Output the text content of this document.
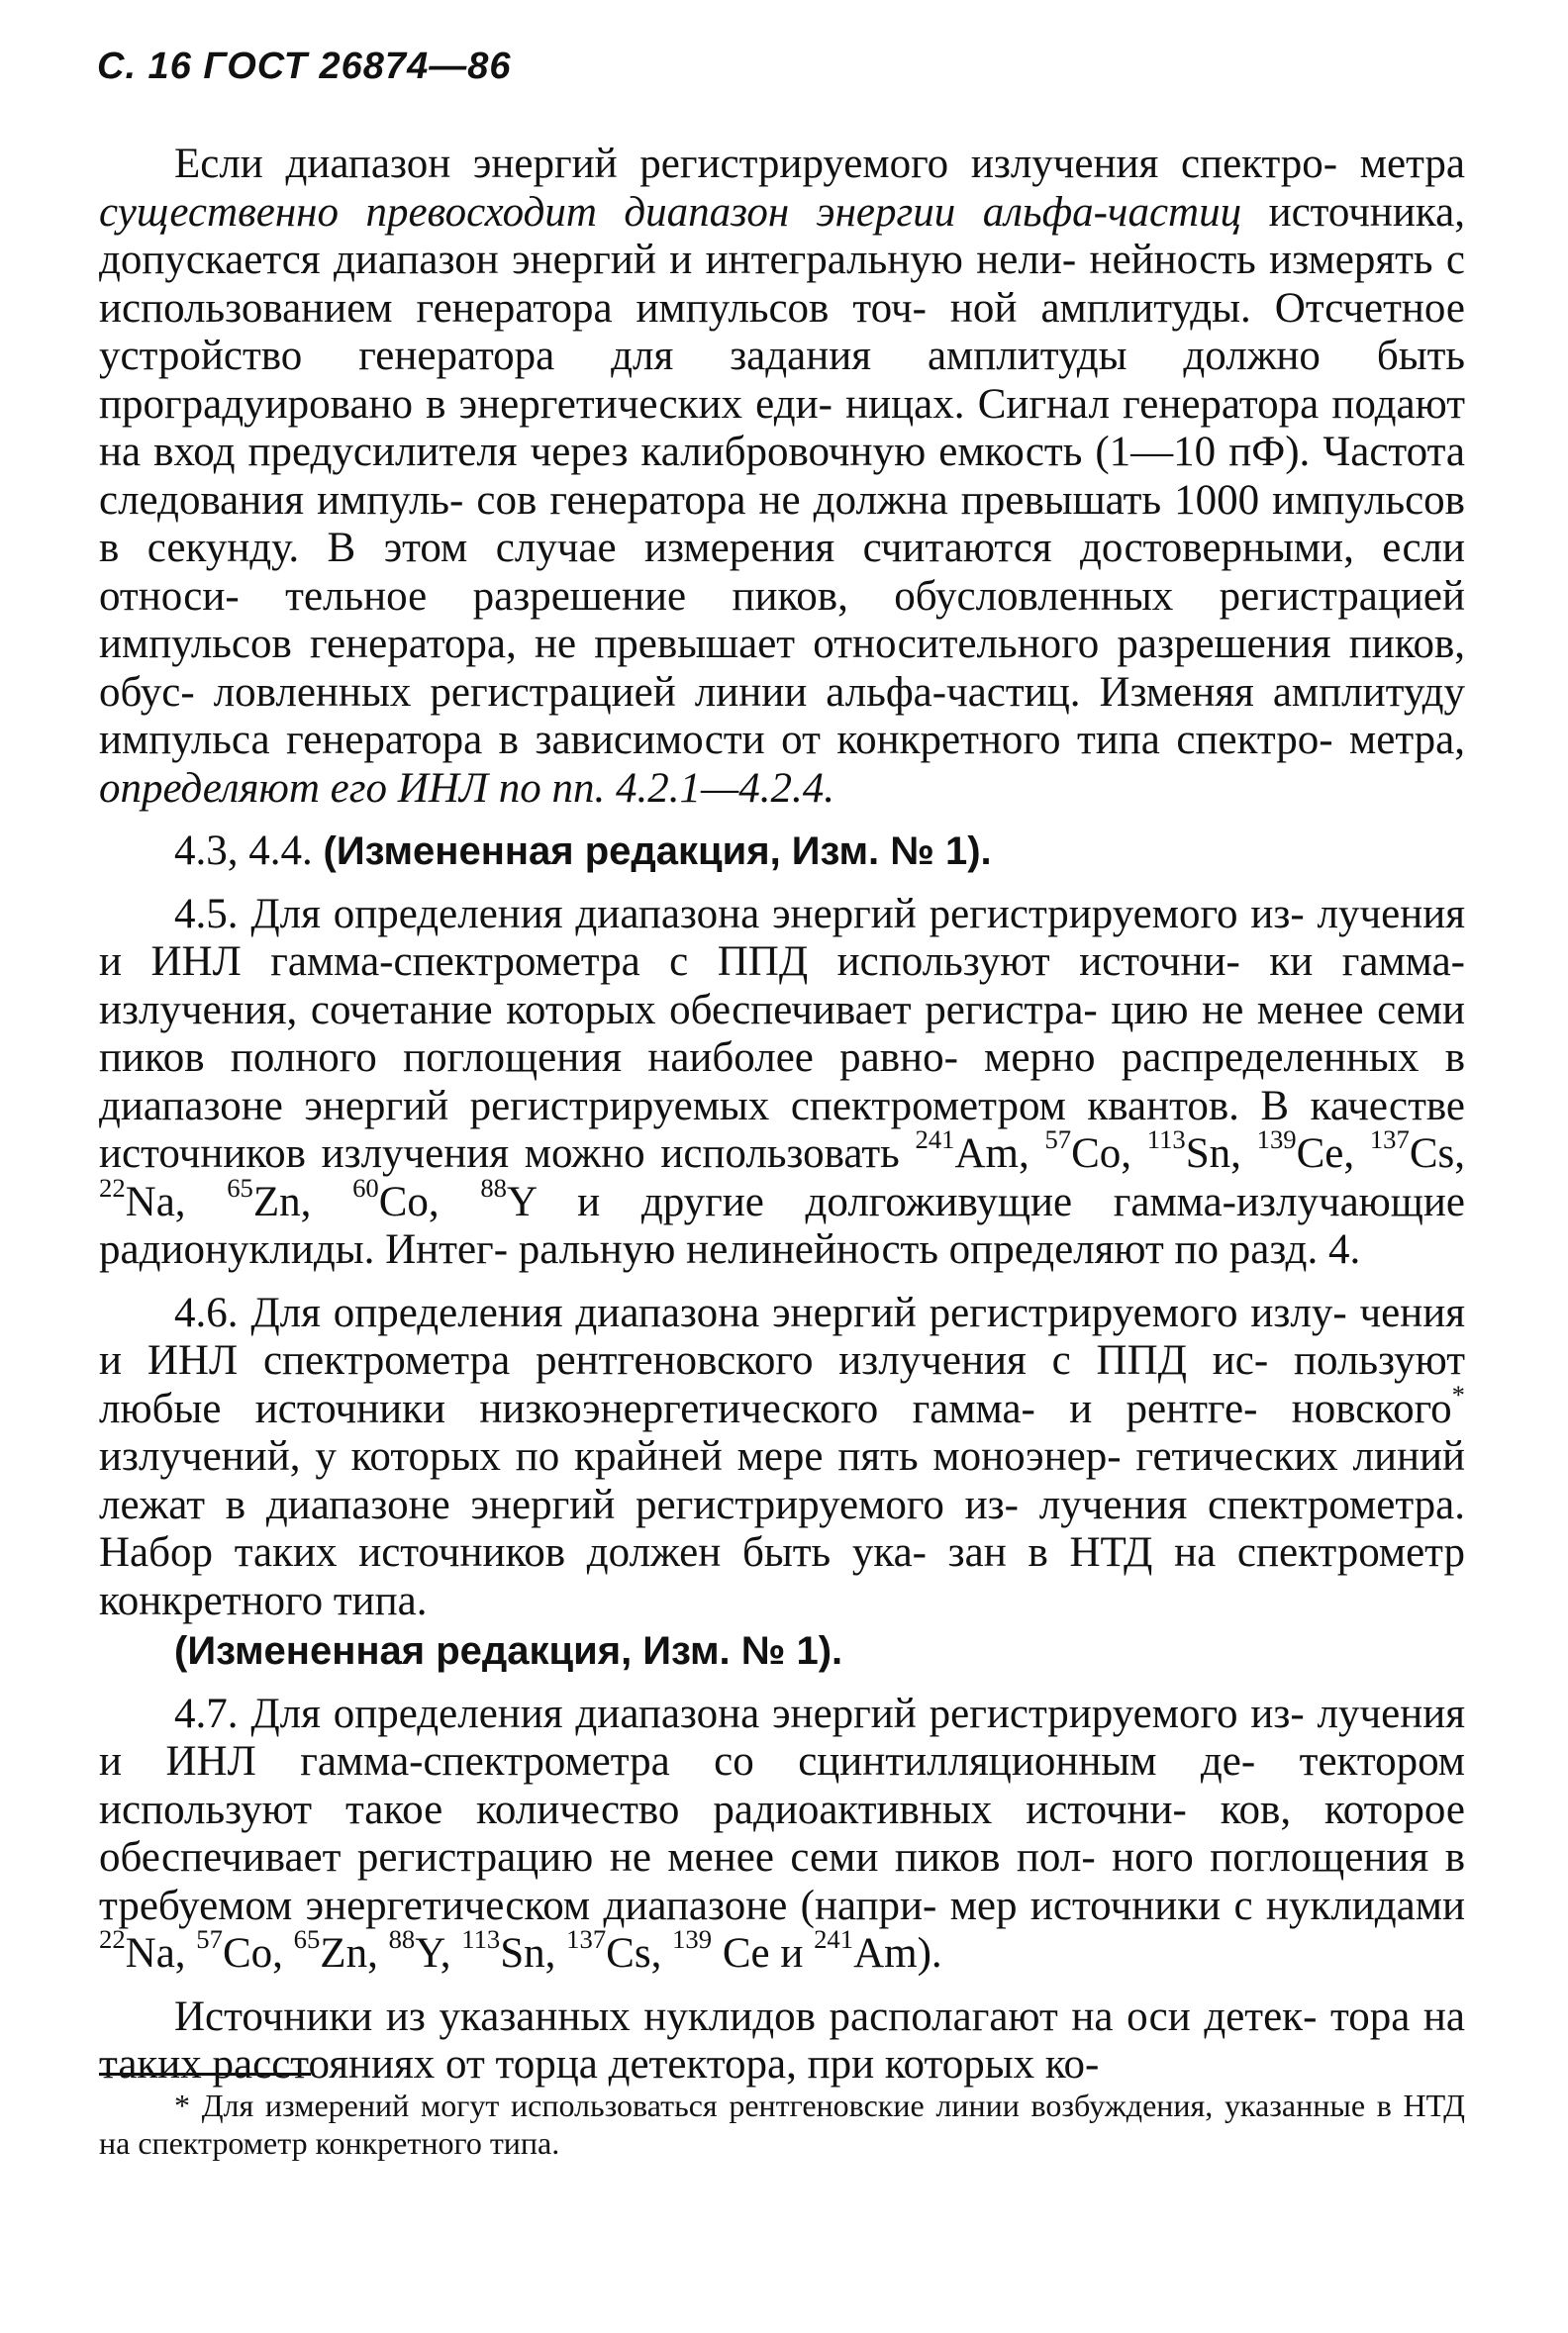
С. 16 ГОСТ 26874—86

Если диапазон энергий регистрируемого излучения спектро- метра существенно превосходит диапазон энергии альфа-частиц источника, допускается диапазон энергий и интегральную нели- нейность измерять с использованием генератора импульсов точ- ной амплитуды. Отсчетное устройство генератора для задания амплитуды должно быть проградуировано в энергетических еди- ницах. Сигнал генератора подают на вход предусилителя через калибровочную емкость (1—10 пФ). Частота следования импуль- сов генератора не должна превышать 1000 импульсов в секунду. В этом случае измерения считаются достоверными, если относи- тельное разрешение пиков, обусловленных регистрацией импульсов генератора, не превышает относительного разрешения пиков, обус- ловленных регистрацией линии альфа-частиц. Изменяя амплитуду импульса генератора в зависимости от конкретного типа спектро- метра, определяют его ИНЛ по пп. 4.2.1—4.2.4.

4.3, 4.4. (Измененная редакция, Изм. № 1).

4.5. Для определения диапазона энергий регистрируемого из- лучения и ИНЛ гамма-спектрометра с ППД используют источни- ки гамма-излучения, сочетание которых обеспечивает регистра- цию не менее семи пиков полного поглощения наиболее равно- мерно распределенных в диапазоне энергий регистрируемых спектрометром квантов. В качестве источников излучения можно использовать $^{241}$Am, $^{57}$Co, $^{113}$Sn, $^{139}$Ce, $^{137}$Cs, $^{22}$Na, $^{65}$Zn, $^{60}$Co, $^{88}$Y и другие долгоживущие гамма-излучающие радионуклиды. Интег- ральную нелинейность определяют по разд. 4.

4.6. Для определения диапазона энергий регистрируемого излу- чения и ИНЛ спектрометра рентгеновского излучения с ППД ис- пользуют любые источники низкоэнергетического гамма- и рентге- новского* излучений, у которых по крайней мере пять моноэнер- гетических линий лежат в диапазоне энергий регистрируемого из- лучения спектрометра. Набор таких источников должен быть ука- зан в НТД на спектрометр конкретного типа.

(Измененная редакция, Изм. № 1).

4.7. Для определения диапазона энергий регистрируемого из- лучения и ИНЛ гамма-спектрометра со сцинтилляционным де- тектором используют такое количество радиоактивных источни- ков, которое обеспечивает регистрацию не менее семи пиков пол- ного поглощения в требуемом энергетическом диапазоне (напри- мер источники с нуклидами $^{22}$Na, $^{57}$Co, $^{65}$Zn, $^{88}$Y, $^{113}$Sn, $^{137}$Cs, $^{139}$ Ce и $^{241}$Am).

Источники из указанных нуклидов располагают на оси детек- тора на таких расстояниях от торца детектора, при которых ко-

* Для измерений могут использоваться рентгеновские линии возбуждения, указанные в НТД на спектрометр конкретного типа.
